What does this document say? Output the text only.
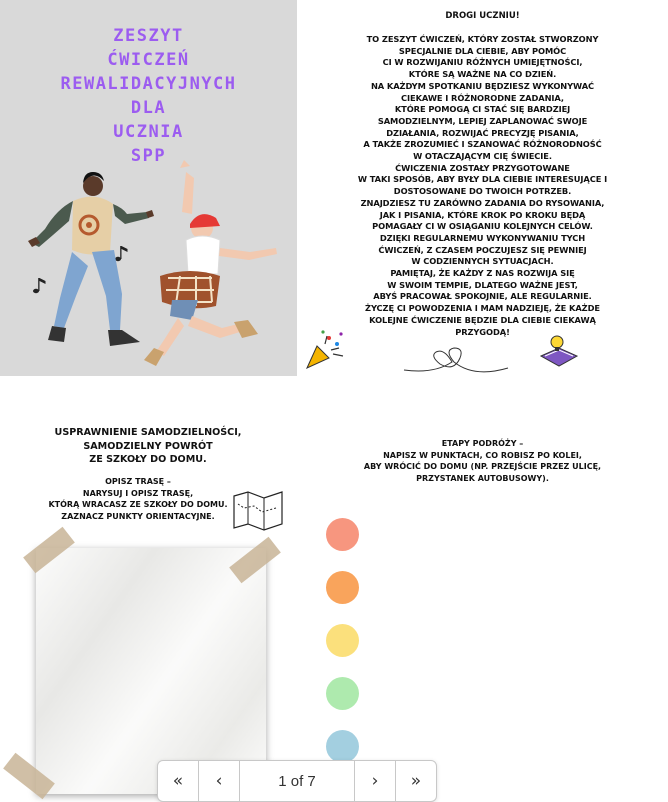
ZESZYT
ĆWICZEŃ
REWALIDACYJNYCH
DLA
UCZNIA
SPP
DROGI UCZNIU!
TO ZESZYT ĆWICZEŃ, KTÓRY ZOSTAŁ STWORZONY
SPECJALNIE DLA CIEBIE, ABY POMÓC
CI W ROZWIJANIU RÓŻNYCH UMIEJĘTNOŚCI,
KTÓRE SĄ WAŻNE NA CO DZIEŃ.
NA KAŻDYM SPOTKANIU BĘDZIESZ WYKONYWAĆ
CIEKAWE I RÓŻNORODNE ZADANIA,
KTÓRE POMOGĄ CI STAĆ SIĘ BARDZIEJ
SAMODZIELNYM, LEPIEJ ZAPLANOWAĆ SWOJE
DZIAŁANIA, ROZWIJAĆ PRECYZJĘ PISANIA,
A TAKŻE ZROZUMIEĆ I SZANOWAĆ RÓŻNORODNOŚĆ
W OTACZAJĄCYM CIĘ ŚWIECIE.
ĆWICZENIA ZOSTAŁY PRZYGOTOWANE
W TAKI SPOSÓB, ABY BYŁY DLA CIEBIE INTERESUJĄCE I
DOSTOSOWANE DO TWOICH POTRZEB.
ZNAJDZIESZ TU ZARÓWNO ZADANIA DO RYSOWANIA,
JAK I PISANIA, KTÓRE KROK PO KROKU BĘDĄ
POMAGAŁY CI W OSIĄGANIU KOLEJNYCH CELÓW.
DZIĘKI REGULARNEMU WYKONYWANIU TYCH
ĆWICZEŃ, Z CZASEM POCZUJESZ SIĘ PEWNIEJ
W CODZIENNYCH SYTUACJACH.
PAMIĘTAJ, ŻE KAŻDY Z NAS ROZWIJA SIĘ
W SWOIM TEMPIE, DLATEGO WAŻNE JEST,
ABYŚ PRACOWAŁ SPOKOJNIE, ALE REGULARNIE.
ŻYCZĘ CI POWODZENIA I MAM NADZIEJĘ, ŻE KAŻDE
KOLEJNE ĆWICZENIE BĘDZIE DLA CIEBIE CIEKAWĄ
PRZYGODĄ!
USPRAWNIENIE SAMODZIELNOŚCI,
SAMODZIELNY POWRÓT
ZE SZKOŁY DO DOMU.
OPISZ TRASĘ –
NARYSUJ I OPISZ TRASĘ,
KTÓRĄ WRACASZ ZE SZKOŁY DO DOMU.
ZAZNACZ PUNKTY ORIENTACYJNE.
ETAPY PODRÓŻY –
NAPISZ W PUNKTACH, CO ROBISZ PO KOLEI,
ABY WRÓCIĆ DO DOMU (NP. PRZEJŚCIE PRZEZ ULICĘ,
PRZYSTANEK AUTOBUSOWY).
« ‹	1 of 7	› »
